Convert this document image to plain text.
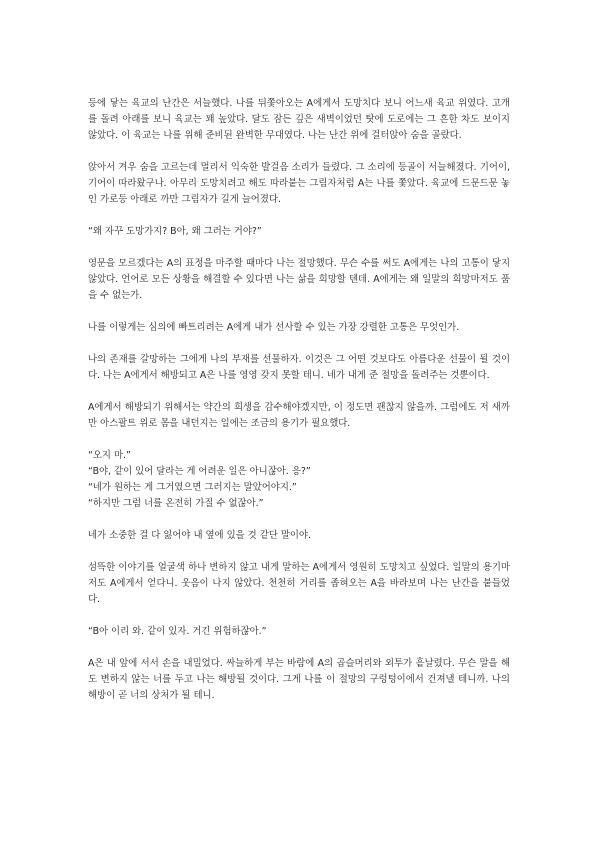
등에 닿는 육교의 난간은 서늘했다. 나를 뒤쫓아오는 A에게서 도망치다 보니 어느새 육교 위였다. 고개를 돌려 아래를 보니 육교는 꽤 높았다. 달도 잠든 깊은 새벽이었던 탓에 도로에는 그 흔한 차도 보이지 않았다. 이 육교는 나를 위해 준비된 완벽한 무대였다. 나는 난간 위에 걸터앉아 숨을 골랐다.

앉아서 겨우 숨을 고르는데 멀리서 익숙한 발걸음 소리가 들렸다. 그 소리에 등골이 서늘해졌다. 기어이, 기어이 따라왔구나. 아무리 도망치려고 해도 따라붙는 그림자처럼 A는 나를 쫓았다. 육교에 드문드문 놓인 가로등 아래로 까만 그림자가 길게 늘어졌다.

“왜 자꾸 도망가지? B아, 왜 그러는 거야?”

영문을 모르겠다는 A의 표정을 마주할 때마다 나는 절망했다. 무슨 수를 써도 A에게는 나의 고통이 닿지 않았다. 언어로 모든 상황을 해결할 수 있다면 나는 삶을 희망할 텐데. A에게는 왜 일말의 희망마저도 품을 수 없는가.

나를 이렇게는 심의에 빠트리려는 A에게 내가 선사할 수 있는 가장 강렬한 고통은 무엇인가.

나의 존재를 갈망하는 그에게 나의 부재를 선물하자. 이것은 그 어떤 것보다도 아름다운 선물이 될 것이다. 나는 A에게서 해방되고 A은 나를 영영 갖지 못할 테니. 네가 내게 준 절망을 돌려주는 것뿐이다.

A에게서 해방되기 위해서는 약간의 희생을 감수해야겠지만, 이 정도면 괜찮지 않을까. 그럼에도 저 새까만 아스팔트 위로 몸을 내던지는 일에는 조금의 용기가 필요했다.

“오지 마.”

“B야, 같이 있어 달라는 게 어려운 일은 아니잖아. 응?”

“네가 원하는 게 그거였으면 그러지는 말았어야지.”

“하지만 그럼 너를 온전히 가질 수 없잖아.”

네가 소중한 걸 다 잃어야 내 옆에 있을 것 같단 말이야.

섬뜩한 이야기를 얼굴색 하나 변하지 않고 내게 말하는 A에게서 영원히 도망치고 싶었다. 일말의 용기마저도 A에게서 얻다니. 웃음이 나지 않았다. 천천히 거리를 좁혀오는 A을 바라보며 나는 난간을 붙들었다.

“B아 이리 와. 같이 있자. 거긴 위험하잖아.”

A은 내 앞에 서서 손을 내밀었다. 싸늘하게 부는 바람에 A의 곱슬머리와 외투가 흩날렸다. 무슨 말을 해도 변하지 않는 너를 두고 나는 해방될 것이다. 그게 나를 이 절망의 구렁텅이에서 건져낼 테니까. 나의 해방이 곧 너의 상처가 될 테니.
